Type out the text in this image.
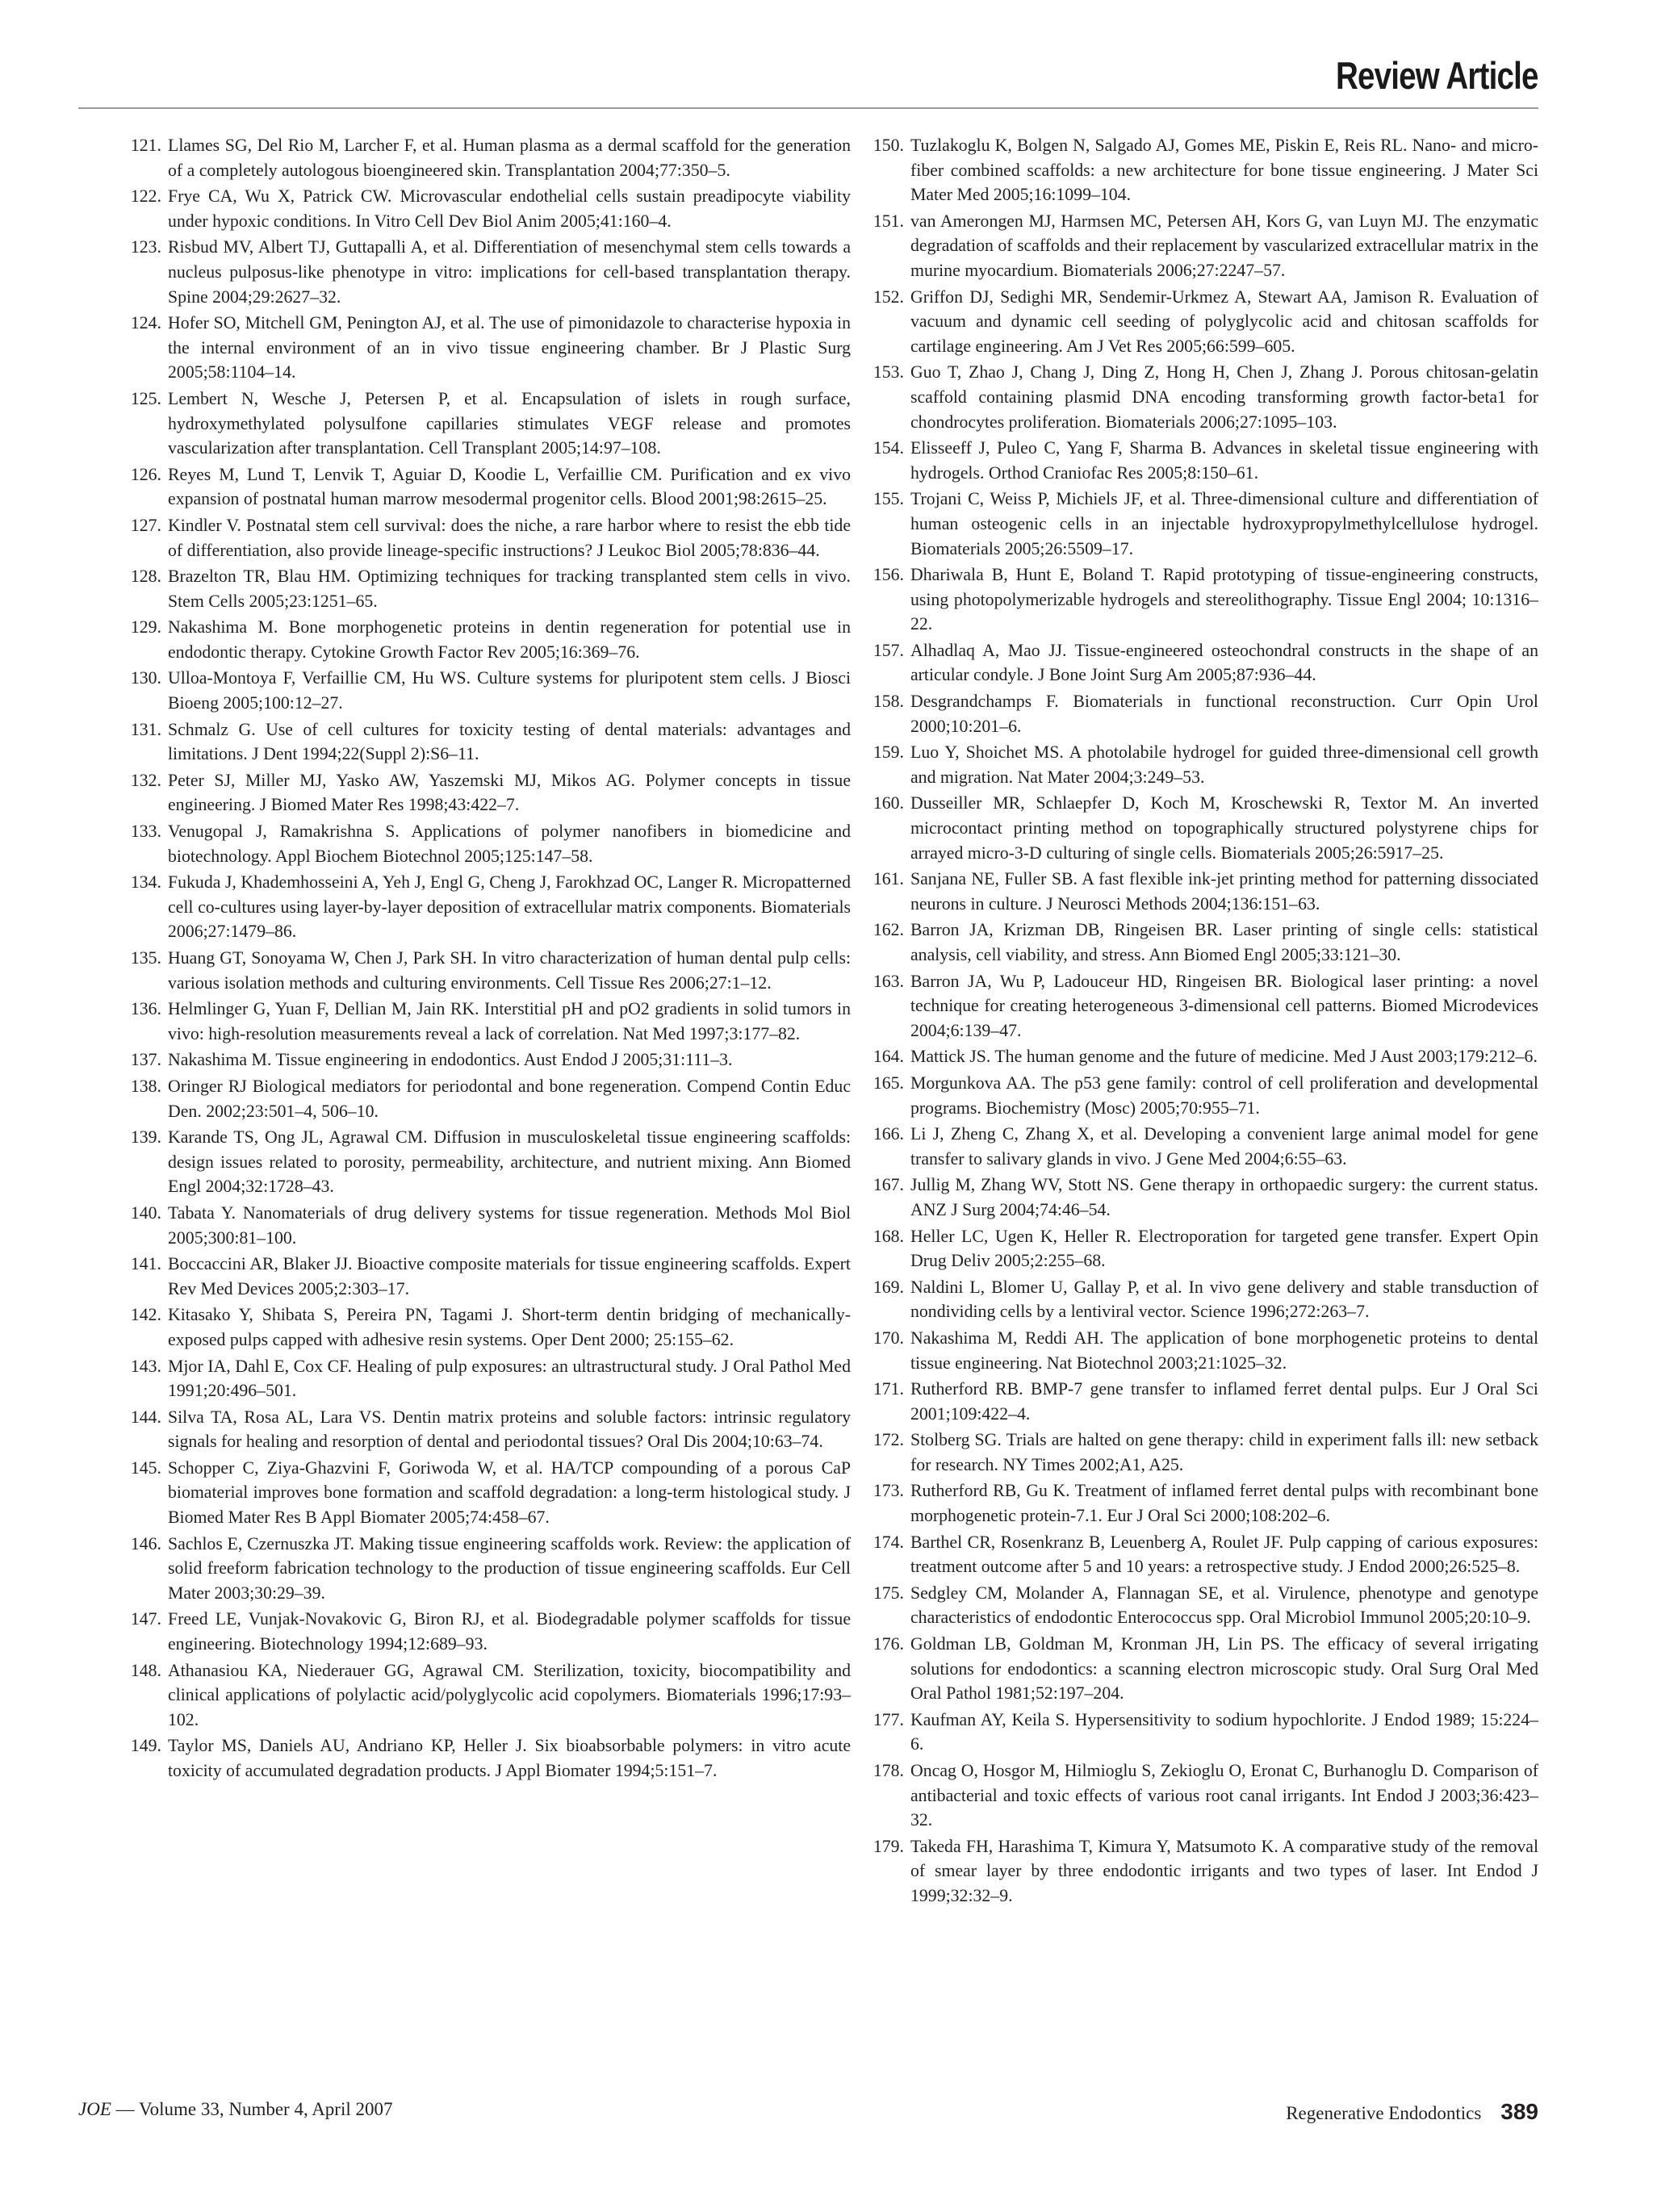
Review Article
121. Llames SG, Del Rio M, Larcher F, et al. Human plasma as a dermal scaffold for the generation of a completely autologous bioengineered skin. Transplantation 2004;77:350–5.
122. Frye CA, Wu X, Patrick CW. Microvascular endothelial cells sustain preadipocyte viability under hypoxic conditions. In Vitro Cell Dev Biol Anim 2005;41:160–4.
123. Risbud MV, Albert TJ, Guttapalli A, et al. Differentiation of mesenchymal stem cells towards a nucleus pulposus-like phenotype in vitro: implications for cell-based transplantation therapy. Spine 2004;29:2627–32.
124. Hofer SO, Mitchell GM, Penington AJ, et al. The use of pimonidazole to characterise hypoxia in the internal environment of an in vivo tissue engineering chamber. Br J Plastic Surg 2005;58:1104–14.
125. Lembert N, Wesche J, Petersen P, et al. Encapsulation of islets in rough surface, hydroxymethylated polysulfone capillaries stimulates VEGF release and promotes vascularization after transplantation. Cell Transplant 2005;14:97–108.
126. Reyes M, Lund T, Lenvik T, Aguiar D, Koodie L, Verfaillie CM. Purification and ex vivo expansion of postnatal human marrow mesodermal progenitor cells. Blood 2001;98:2615–25.
127. Kindler V. Postnatal stem cell survival: does the niche, a rare harbor where to resist the ebb tide of differentiation, also provide lineage-specific instructions? J Leukoc Biol 2005;78:836–44.
128. Brazelton TR, Blau HM. Optimizing techniques for tracking transplanted stem cells in vivo. Stem Cells 2005;23:1251–65.
129. Nakashima M. Bone morphogenetic proteins in dentin regeneration for potential use in endodontic therapy. Cytokine Growth Factor Rev 2005;16:369–76.
130. Ulloa-Montoya F, Verfaillie CM, Hu WS. Culture systems for pluripotent stem cells. J Biosci Bioeng 2005;100:12–27.
131. Schmalz G. Use of cell cultures for toxicity testing of dental materials: advantages and limitations. J Dent 1994;22(Suppl 2):S6–11.
132. Peter SJ, Miller MJ, Yasko AW, Yaszemski MJ, Mikos AG. Polymer concepts in tissue engineering. J Biomed Mater Res 1998;43:422–7.
133. Venugopal J, Ramakrishna S. Applications of polymer nanofibers in biomedicine and biotechnology. Appl Biochem Biotechnol 2005;125:147–58.
134. Fukuda J, Khademhosseini A, Yeh J, Engl G, Cheng J, Farokhzad OC, Langer R. Micropatterned cell co-cultures using layer-by-layer deposition of extracellular matrix components. Biomaterials 2006;27:1479–86.
135. Huang GT, Sonoyama W, Chen J, Park SH. In vitro characterization of human dental pulp cells: various isolation methods and culturing environments. Cell Tissue Res 2006;27:1–12.
136. Helmlinger G, Yuan F, Dellian M, Jain RK. Interstitial pH and pO2 gradients in solid tumors in vivo: high-resolution measurements reveal a lack of correlation. Nat Med 1997;3:177–82.
137. Nakashima M. Tissue engineering in endodontics. Aust Endod J 2005;31:111–3.
138. Oringer RJ Biological mediators for periodontal and bone regeneration. Compend Contin Educ Den. 2002;23:501–4, 506–10.
139. Karande TS, Ong JL, Agrawal CM. Diffusion in musculoskeletal tissue engineering scaffolds: design issues related to porosity, permeability, architecture, and nutrient mixing. Ann Biomed Engl 2004;32:1728–43.
140. Tabata Y. Nanomaterials of drug delivery systems for tissue regeneration. Methods Mol Biol 2005;300:81–100.
141. Boccaccini AR, Blaker JJ. Bioactive composite materials for tissue engineering scaffolds. Expert Rev Med Devices 2005;2:303–17.
142. Kitasako Y, Shibata S, Pereira PN, Tagami J. Short-term dentin bridging of mechanically-exposed pulps capped with adhesive resin systems. Oper Dent 2000; 25:155–62.
143. Mjor IA, Dahl E, Cox CF. Healing of pulp exposures: an ultrastructural study. J Oral Pathol Med 1991;20:496–501.
144. Silva TA, Rosa AL, Lara VS. Dentin matrix proteins and soluble factors: intrinsic regulatory signals for healing and resorption of dental and periodontal tissues? Oral Dis 2004;10:63–74.
145. Schopper C, Ziya-Ghazvini F, Goriwoda W, et al. HA/TCP compounding of a porous CaP biomaterial improves bone formation and scaffold degradation: a long-term histological study. J Biomed Mater Res B Appl Biomater 2005;74:458–67.
146. Sachlos E, Czernuszka JT. Making tissue engineering scaffolds work. Review: the application of solid freeform fabrication technology to the production of tissue engineering scaffolds. Eur Cell Mater 2003;30:29–39.
147. Freed LE, Vunjak-Novakovic G, Biron RJ, et al. Biodegradable polymer scaffolds for tissue engineering. Biotechnology 1994;12:689–93.
148. Athanasiou KA, Niederauer GG, Agrawal CM. Sterilization, toxicity, biocompatibility and clinical applications of polylactic acid/polyglycolic acid copolymers. Biomaterials 1996;17:93–102.
149. Taylor MS, Daniels AU, Andriano KP, Heller J. Six bioabsorbable polymers: in vitro acute toxicity of accumulated degradation products. J Appl Biomater 1994;5:151–7.
150. Tuzlakoglu K, Bolgen N, Salgado AJ, Gomes ME, Piskin E, Reis RL. Nano- and micro-fiber combined scaffolds: a new architecture for bone tissue engineering. J Mater Sci Mater Med 2005;16:1099–104.
151. van Amerongen MJ, Harmsen MC, Petersen AH, Kors G, van Luyn MJ. The enzymatic degradation of scaffolds and their replacement by vascularized extracellular matrix in the murine myocardium. Biomaterials 2006;27:2247–57.
152. Griffon DJ, Sedighi MR, Sendemir-Urkmez A, Stewart AA, Jamison R. Evaluation of vacuum and dynamic cell seeding of polyglycolic acid and chitosan scaffolds for cartilage engineering. Am J Vet Res 2005;66:599–605.
153. Guo T, Zhao J, Chang J, Ding Z, Hong H, Chen J, Zhang J. Porous chitosan-gelatin scaffold containing plasmid DNA encoding transforming growth factor-beta1 for chondrocytes proliferation. Biomaterials 2006;27:1095–103.
154. Elisseeff J, Puleo C, Yang F, Sharma B. Advances in skeletal tissue engineering with hydrogels. Orthod Craniofac Res 2005;8:150–61.
155. Trojani C, Weiss P, Michiels JF, et al. Three-dimensional culture and differentiation of human osteogenic cells in an injectable hydroxypropylmethylcellulose hydrogel. Biomaterials 2005;26:5509–17.
156. Dhariwala B, Hunt E, Boland T. Rapid prototyping of tissue-engineering constructs, using photopolymerizable hydrogels and stereolithography. Tissue Engl 2004; 10:1316–22.
157. Alhadlaq A, Mao JJ. Tissue-engineered osteochondral constructs in the shape of an articular condyle. J Bone Joint Surg Am 2005;87:936–44.
158. Desgrandchamps F. Biomaterials in functional reconstruction. Curr Opin Urol 2000;10:201–6.
159. Luo Y, Shoichet MS. A photolabile hydrogel for guided three-dimensional cell growth and migration. Nat Mater 2004;3:249–53.
160. Dusseiller MR, Schlaepfer D, Koch M, Kroschewski R, Textor M. An inverted microcontact printing method on topographically structured polystyrene chips for arrayed micro-3-D culturing of single cells. Biomaterials 2005;26:5917–25.
161. Sanjana NE, Fuller SB. A fast flexible ink-jet printing method for patterning dissociated neurons in culture. J Neurosci Methods 2004;136:151–63.
162. Barron JA, Krizman DB, Ringeisen BR. Laser printing of single cells: statistical analysis, cell viability, and stress. Ann Biomed Engl 2005;33:121–30.
163. Barron JA, Wu P, Ladouceur HD, Ringeisen BR. Biological laser printing: a novel technique for creating heterogeneous 3-dimensional cell patterns. Biomed Microdevices 2004;6:139–47.
164. Mattick JS. The human genome and the future of medicine. Med J Aust 2003;179:212–6.
165. Morgunkova AA. The p53 gene family: control of cell proliferation and developmental programs. Biochemistry (Mosc) 2005;70:955–71.
166. Li J, Zheng C, Zhang X, et al. Developing a convenient large animal model for gene transfer to salivary glands in vivo. J Gene Med 2004;6:55–63.
167. Jullig M, Zhang WV, Stott NS. Gene therapy in orthopaedic surgery: the current status. ANZ J Surg 2004;74:46–54.
168. Heller LC, Ugen K, Heller R. Electroporation for targeted gene transfer. Expert Opin Drug Deliv 2005;2:255–68.
169. Naldini L, Blomer U, Gallay P, et al. In vivo gene delivery and stable transduction of nondividing cells by a lentiviral vector. Science 1996;272:263–7.
170. Nakashima M, Reddi AH. The application of bone morphogenetic proteins to dental tissue engineering. Nat Biotechnol 2003;21:1025–32.
171. Rutherford RB. BMP-7 gene transfer to inflamed ferret dental pulps. Eur J Oral Sci 2001;109:422–4.
172. Stolberg SG. Trials are halted on gene therapy: child in experiment falls ill: new setback for research. NY Times 2002;A1, A25.
173. Rutherford RB, Gu K. Treatment of inflamed ferret dental pulps with recombinant bone morphogenetic protein-7.1. Eur J Oral Sci 2000;108:202–6.
174. Barthel CR, Rosenkranz B, Leuenberg A, Roulet JF. Pulp capping of carious exposures: treatment outcome after 5 and 10 years: a retrospective study. J Endod 2000;26:525–8.
175. Sedgley CM, Molander A, Flannagan SE, et al. Virulence, phenotype and genotype characteristics of endodontic Enterococcus spp. Oral Microbiol Immunol 2005;20:10–9.
176. Goldman LB, Goldman M, Kronman JH, Lin PS. The efficacy of several irrigating solutions for endodontics: a scanning electron microscopic study. Oral Surg Oral Med Oral Pathol 1981;52:197–204.
177. Kaufman AY, Keila S. Hypersensitivity to sodium hypochlorite. J Endod 1989; 15:224–6.
178. Oncag O, Hosgor M, Hilmioglu S, Zekioglu O, Eronat C, Burhanoglu D. Comparison of antibacterial and toxic effects of various root canal irrigants. Int Endod J 2003;36:423–32.
179. Takeda FH, Harashima T, Kimura Y, Matsumoto K. A comparative study of the removal of smear layer by three endodontic irrigants and two types of laser. Int Endod J 1999;32:32–9.
JOE — Volume 33, Number 4, April 2007	Regenerative Endodontics 389
